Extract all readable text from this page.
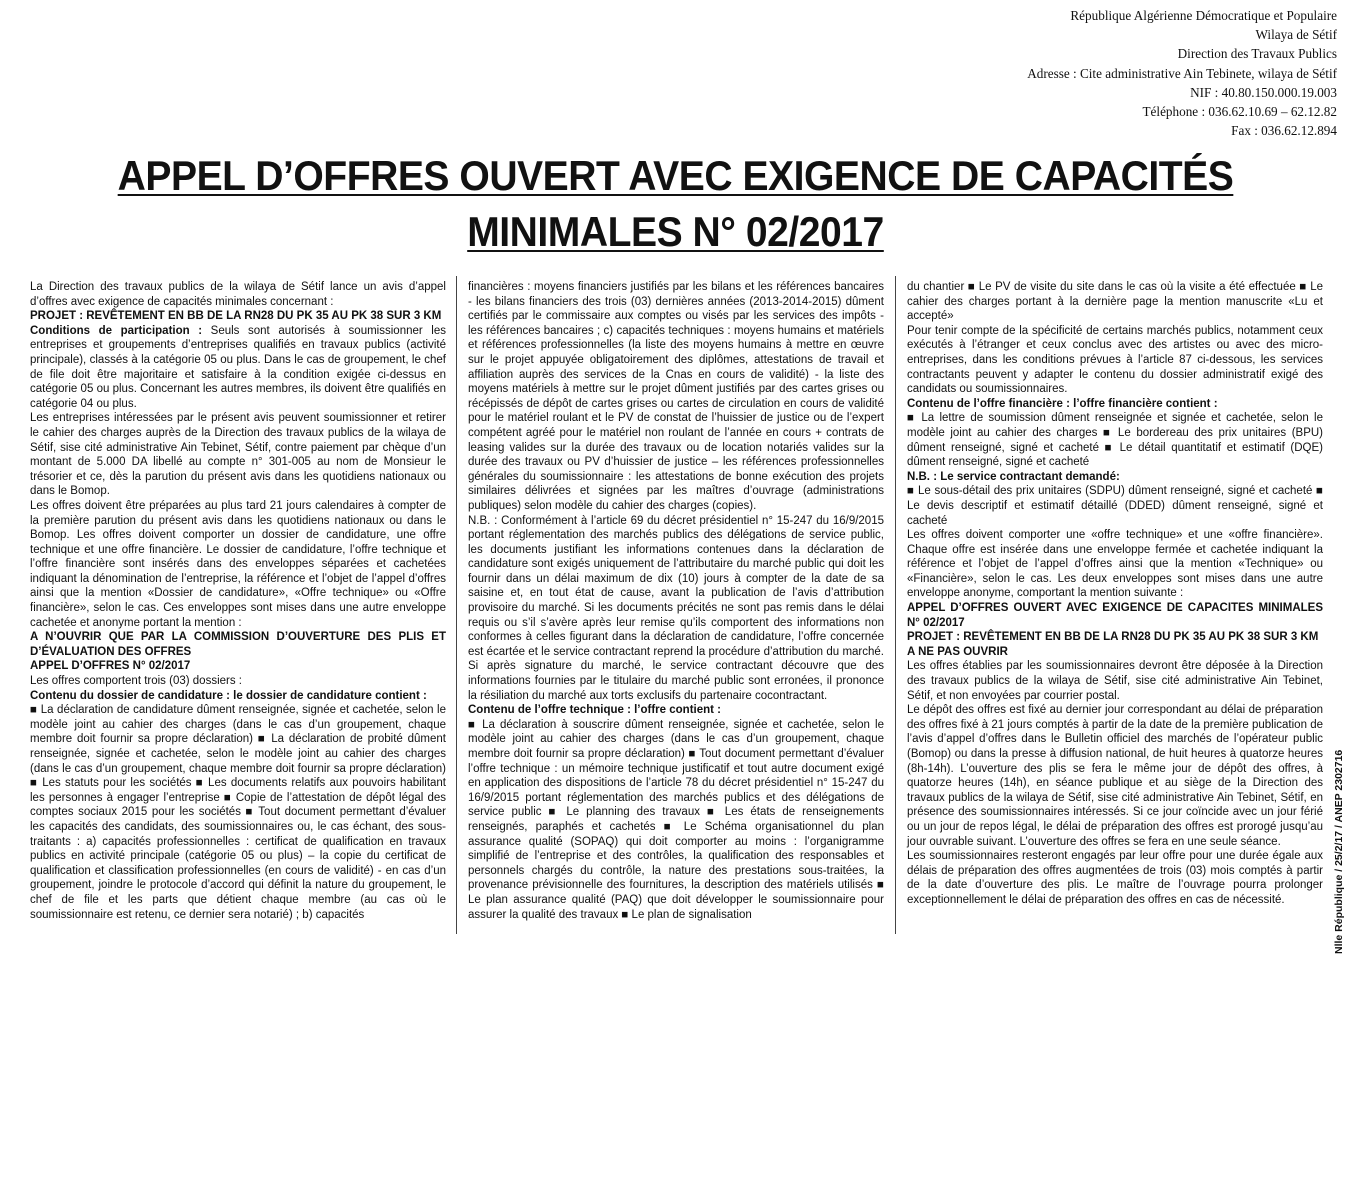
République Algérienne Démocratique et Populaire
Wilaya de Sétif
Direction des Travaux Publics
Adresse : Cite administrative Ain Tebinete, wilaya de Sétif
NIF : 40.80.150.000.19.003
Téléphone : 036.62.10.69 – 62.12.82
Fax : 036.62.12.894
APPEL D’OFFRES OUVERT AVEC EXIGENCE DE CAPACITÉS
MINIMALES N° 02/2017

La Direction des travaux publics de la wilaya de Sétif lance un avis d’appel d’offres avec exigence de capacités minimales concernant :

PROJET : REVÊTEMENT EN BB DE LA RN28 DU PK 35 AU PK 38 SUR 3 KM

Conditions de participation : Seuls sont autorisés à soumissionner les entreprises et groupements d’entreprises qualifiés en travaux publics (activité principale), classés à la catégorie 05 ou plus. Dans le cas de groupement, le chef de file doit être majoritaire et satisfaire à la condition exigée ci-dessus en catégorie 05 ou plus. Concernant les autres membres, ils doivent être qualifiés en catégorie 04 ou plus.

Les entreprises intéressées par le présent avis peuvent soumissionner et retirer le cahier des charges auprès de la Direction des travaux publics de la wilaya de Sétif, sise cité administrative Ain Tebinet, Sétif, contre paiement par chèque d’un montant de 5.000 DA libellé au compte n° 301-005 au nom de Monsieur le trésorier et ce, dès la parution du présent avis dans les quotidiens nationaux ou dans le Bomop.

Les offres doivent être préparées au plus tard 21 jours calendaires à compter de la première parution du présent avis dans les quotidiens nationaux ou dans le Bomop. Les offres doivent comporter un dossier de candidature, une offre technique et une offre financière. Le dossier de candidature, l’offre technique et l’offre financière sont insérés dans des enveloppes séparées et cachetées indiquant la dénomination de l’entreprise, la référence et l’objet de l’appel d’offres ainsi que la mention «Dossier de candidature», «Offre technique» ou «Offre financière», selon le cas. Ces enveloppes sont mises dans une autre enveloppe cachetée et anonyme portant la mention :

A N’OUVRIR QUE PAR LA COMMISSION D’OUVERTURE DES PLIS ET D’ÉVALUATION DES OFFRES

APPEL D’OFFRES N° 02/2017

Les offres comportent trois (03) dossiers :

Contenu du dossier de candidature : le dossier de candidature contient :

■ La déclaration de candidature dûment renseignée, signée et cachetée, selon le modèle joint au cahier des charges (dans le cas d’un groupement, chaque membre doit fournir sa propre déclaration) ■ La déclaration de probité dûment renseignée, signée et cachetée, selon le modèle joint au cahier des charges (dans le cas d’un groupement, chaque membre doit fournir sa propre déclaration) ■ Les statuts pour les sociétés ■ Les documents relatifs aux pouvoirs habilitant les personnes à engager l’entreprise ■ Copie de l’attestation de dépôt légal des comptes sociaux 2015 pour les sociétés ■ Tout document permettant d’évaluer les capacités des candidats, des soumissionnaires ou, le cas échant, des sous-traitants : a) capacités professionnelles : certificat de qualification en travaux publics en activité principale (catégorie 05 ou plus) – la copie du certificat de qualification et classification professionnelles (en cours de validité) - en cas d’un groupement, joindre le protocole d’accord qui définit la nature du groupement, le chef de file et les parts que détient chaque membre (au cas où le soumissionnaire est retenu, ce dernier sera notarié) ; b) capacités

financières : moyens financiers justifiés par les bilans et les références bancaires - les bilans financiers des trois (03) dernières années (2013-2014-2015) dûment certifiés par le commissaire aux comptes ou visés par les services des impôts - les références bancaires ; c) capacités techniques : moyens humains et matériels et références professionnelles (la liste des moyens humains à mettre en œuvre sur le projet appuyée obligatoirement des diplômes, attestations de travail et affiliation auprès des services de la Cnas en cours de validité) - la liste des moyens matériels à mettre sur le projet dûment justifiés par des cartes grises ou récépissés de dépôt de cartes grises ou cartes de circulation en cours de validité pour le matériel roulant et le PV de constat de l’huissier de justice ou de l’expert compétent agréé pour le matériel non roulant de l’année en cours + contrats de leasing valides sur la durée des travaux ou de location notariés valides sur la durée des travaux ou PV d’huissier de justice – les références professionnelles générales du soumissionnaire : les attestations de bonne exécution des projets similaires délivrées et signées par les maîtres d’ouvrage (administrations publiques) selon modèle du cahier des charges (copies).

N.B. : Conformément à l’article 69 du décret présidentiel n° 15-247 du 16/9/2015 portant réglementation des marchés publics des délégations de service public, les documents justifiant les informations contenues dans la déclaration de candidature sont exigés uniquement de l’attributaire du marché public qui doit les fournir dans un délai maximum de dix (10) jours à compter de la date de sa saisine et, en tout état de cause, avant la publication de l’avis d’attribution provisoire du marché. Si les documents précités ne sont pas remis dans le délai requis ou s’il s’avère après leur remise qu’ils comportent des informations non conformes à celles figurant dans la déclaration de candidature, l’offre concernée est écartée et le service contractant reprend la procédure d’attribution du marché. Si après signature du marché, le service contractant découvre que des informations fournies par le titulaire du marché public sont erronées, il prononce la résiliation du marché aux torts exclusifs du partenaire cocontractant.

Contenu de l’offre technique : l’offre contient :

■ La déclaration à souscrire dûment renseignée, signée et cachetée, selon le modèle joint au cahier des charges (dans le cas d’un groupement, chaque membre doit fournir sa propre déclaration) ■ Tout document permettant d’évaluer l’offre technique : un mémoire technique justificatif et tout autre document exigé en application des dispositions de l’article 78 du décret présidentiel n° 15-247 du 16/9/2015 portant réglementation des marchés publics et des délégations de service public ■ Le planning des travaux ■ Les états de renseignements renseignés, paraphés et cachetés ■ Le Schéma organisationnel du plan assurance qualité (SOPAQ) qui doit comporter au moins : l’organigramme simplifié de l’entreprise et des contrôles, la qualification des responsables et personnels chargés du contrôle, la nature des prestations sous-traitées, la provenance prévisionnelle des fournitures, la description des matériels utilisés ■ Le plan assurance qualité (PAQ) que doit développer le soumissionnaire pour assurer la qualité des travaux ■ Le plan de signalisation

du chantier ■ Le PV de visite du site dans le cas où la visite a été effectuée ■ Le cahier des charges portant à la dernière page la mention manuscrite «Lu et accepté»

Pour tenir compte de la spécificité de certains marchés publics, notamment ceux exécutés à l’étranger et ceux conclus avec des artistes ou avec des micro-entreprises, dans les conditions prévues à l’article 87 ci-dessous, les services contractants peuvent y adapter le contenu du dossier administratif exigé des candidats ou soumissionnaires.

Contenu de l’offre financière : l’offre financière contient :

■ La lettre de soumission dûment renseignée et signée et cachetée, selon le modèle joint au cahier des charges ■ Le bordereau des prix unitaires (BPU) dûment renseigné, signé et cacheté ■ Le détail quantitatif et estimatif (DQE) dûment renseigné, signé et cacheté

N.B. : Le service contractant demandé:

■ Le sous-détail des prix unitaires (SDPU) dûment renseigné, signé et cacheté ■ Le devis descriptif et estimatif détaillé (DDED) dûment renseigné, signé et cacheté

Les offres doivent comporter une «offre technique» et une «offre financière». Chaque offre est insérée dans une enveloppe fermée et cachetée indiquant la référence et l’objet de l’appel d’offres ainsi que la mention «Technique» ou «Financière», selon le cas. Les deux enveloppes sont mises dans une autre enveloppe anonyme, comportant la mention suivante :

APPEL D’OFFRES OUVERT AVEC EXIGENCE DE CAPACITES MINIMALES N° 02/2017

PROJET : REVÊTEMENT EN BB DE LA RN28 DU PK 35 AU PK 38 SUR 3 KM

A NE PAS OUVRIR

Les offres établies par les soumissionnaires devront être déposée à la Direction des travaux publics de la wilaya de Sétif, sise cité administrative Ain Tebinet, Sétif, et non envoyées par courrier postal.

Le dépôt des offres est fixé au dernier jour correspondant au délai de préparation des offres fixé à 21 jours comptés à partir de la date de la première publication de l’avis d’appel d’offres dans le Bulletin officiel des marchés de l’opérateur public (Bomop) ou dans la presse à diffusion national, de huit heures à quatorze heures (8h-14h). L’ouverture des plis se fera le même jour de dépôt des offres, à quatorze heures (14h), en séance publique et au siège de la Direction des travaux publics de la wilaya de Sétif, sise cité administrative Ain Tebinet, Sétif, en présence des soumissionnaires intéressés. Si ce jour coïncide avec un jour férié ou un jour de repos légal, le délai de préparation des offres est prorogé jusqu’au jour ouvrable suivant. L’ouverture des offres se fera en une seule séance.

Les soumissionnaires resteront engagés par leur offre pour une durée égale aux délais de préparation des offres augmentées de trois (03) mois comptés à partir de la date d’ouverture des plis. Le maître de l’ouvrage pourra prolonger exceptionnellement le délai de préparation des offres en cas de nécessité.	Nlle République / 25/2/17 / ANEP 2302716
